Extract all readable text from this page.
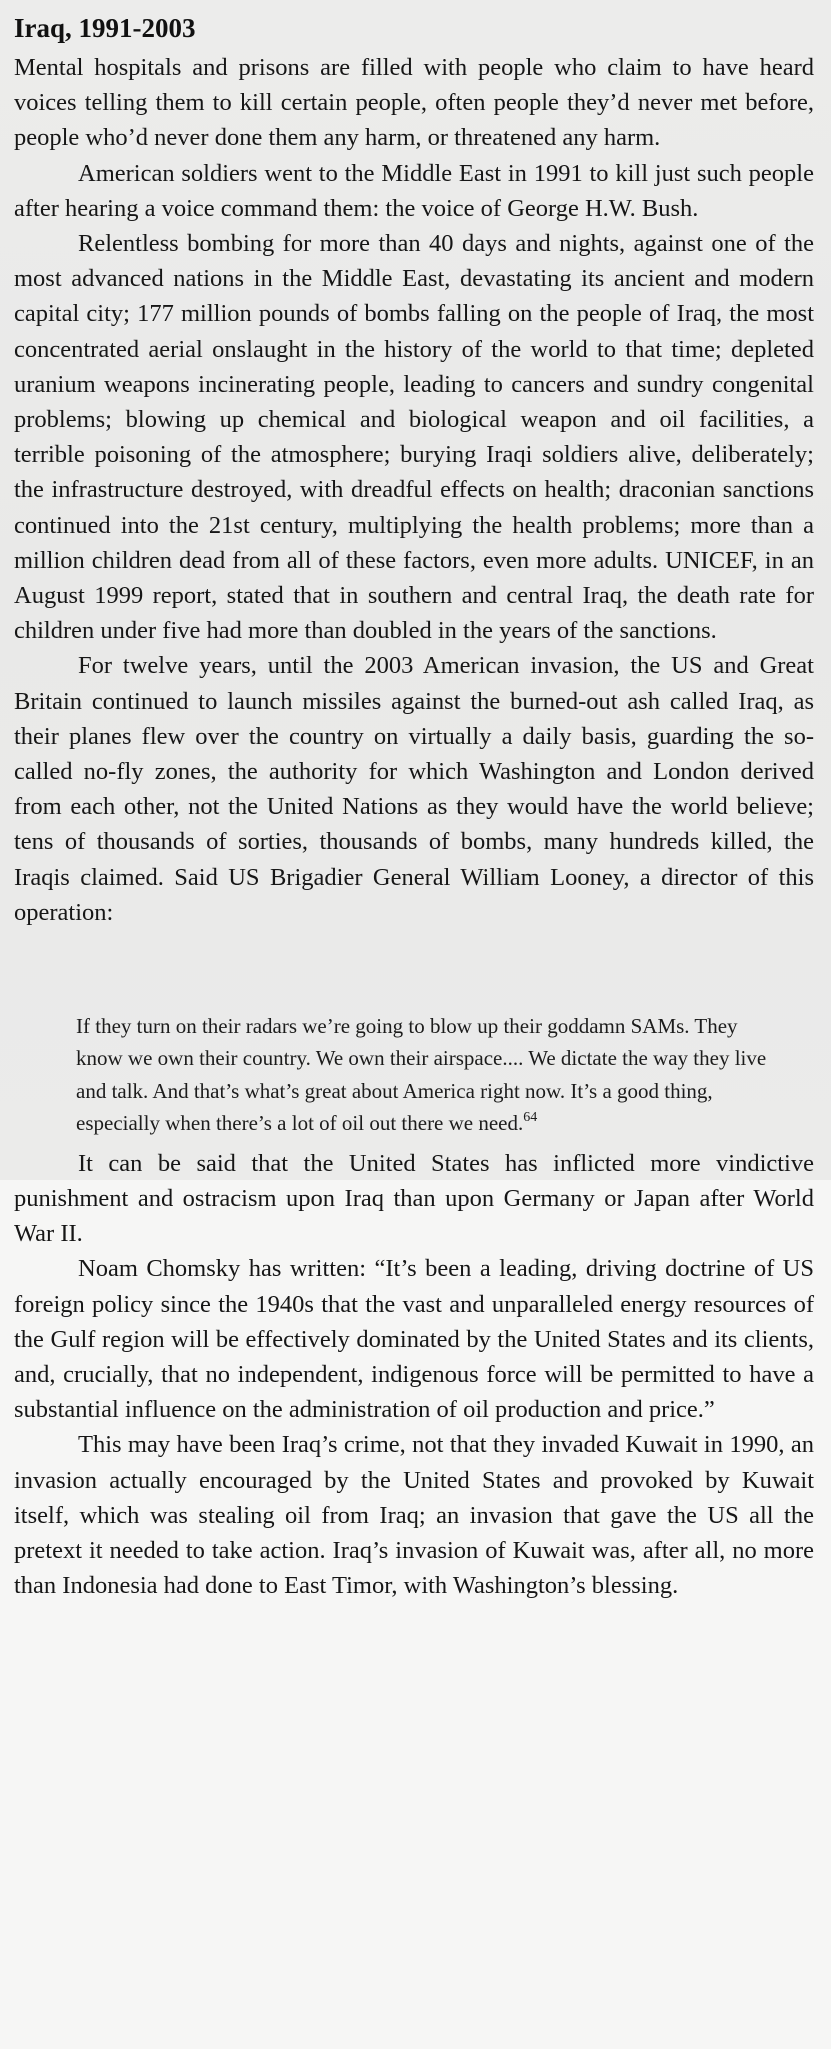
Iraq, 1991-2003

Mental hospitals and prisons are filled with people who claim to have heard voices telling them to kill certain people, often people they’d never met before, people who’d never done them any harm, or threatened any harm.

American soldiers went to the Middle East in 1991 to kill just such people after hearing a voice command them: the voice of George H.W. Bush.

Relentless bombing for more than 40 days and nights, against one of the most advanced nations in the Middle East, devastating its ancient and modern capital city; 177 million pounds of bombs falling on the people of Iraq, the most concentrated aerial onslaught in the history of the world to that time; depleted uranium weapons incinerating people, leading to cancers and sundry congenital problems; blowing up chemical and biological weapon and oil facilities, a terrible poisoning of the atmosphere; burying Iraqi soldiers alive, deliberately; the infrastructure destroyed, with dreadful effects on health; draconian sanctions continued into the 21st century, multiplying the health problems; more than a million children dead from all of these factors, even more adults. UNICEF, in an August 1999 report, stated that in southern and central Iraq, the death rate for children under five had more than doubled in the years of the sanctions.

For twelve years, until the 2003 American invasion, the US and Great Britain continued to launch missiles against the burned-out ash called Iraq, as their planes flew over the country on virtually a daily basis, guarding the so-called no-fly zones, the authority for which Washington and London derived from each other, not the United Nations as they would have the world believe; tens of thousands of sorties, thousands of bombs, many hundreds killed, the Iraqis claimed. Said US Brigadier General William Looney, a director of this operation:

If they turn on their radars we’re going to blow up their goddamn SAMs. They know we own their country. We own their airspace.... We dictate the way they live and talk. And that’s what’s great about America right now. It’s a good thing, especially when there’s a lot of oil out there we need.$^{64}$

It can be said that the United States has inflicted more vindictive punishment and ostracism upon Iraq than upon Germany or Japan after World War II.

Noam Chomsky has written: “It’s been a leading, driving doctrine of US foreign policy since the 1940s that the vast and unparalleled energy resources of the Gulf region will be effectively dominated by the United States and its clients, and, crucially, that no independent, indigenous force will be permitted to have a substantial influence on the administration of oil production and price.”

This may have been Iraq’s crime, not that they invaded Kuwait in 1990, an invasion actually encouraged by the United States and provoked by Kuwait itself, which was stealing oil from Iraq; an invasion that gave the US all the pretext it needed to take action. Iraq’s invasion of Kuwait was, after all, no more than Indonesia had done to East Timor, with Washington’s blessing.
